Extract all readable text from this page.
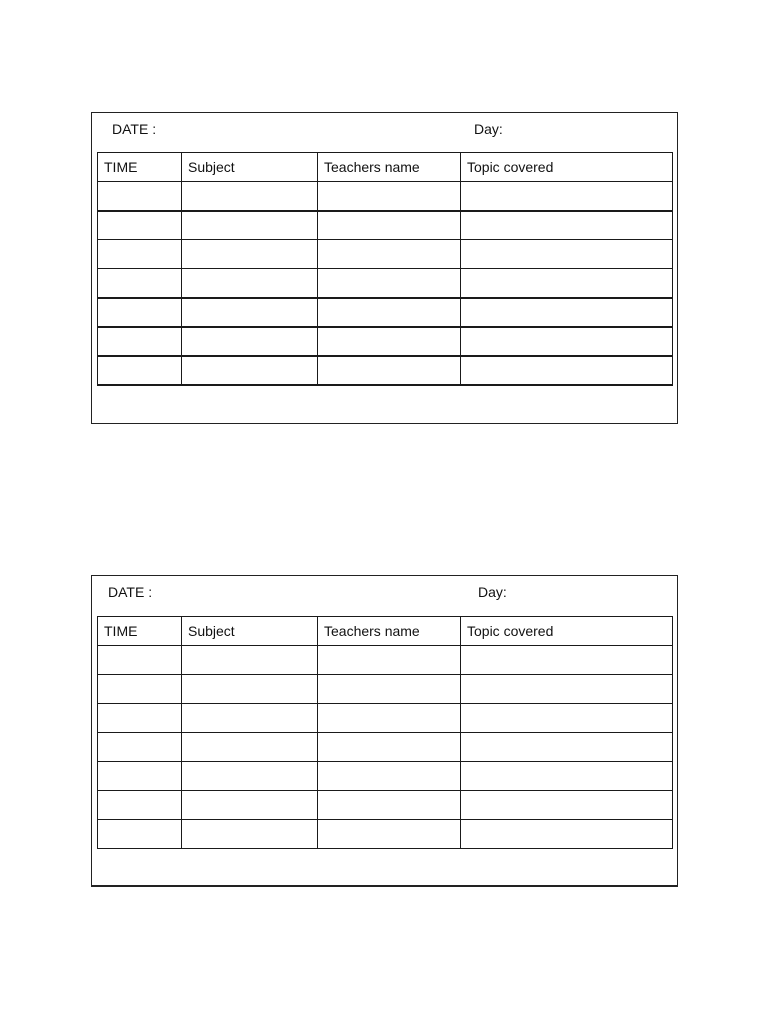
DATE :	Day:
TIME	Subject	Teachers name	Topic covered

DATE :	Day:
TIME	Subject	Teachers name	Topic covered
